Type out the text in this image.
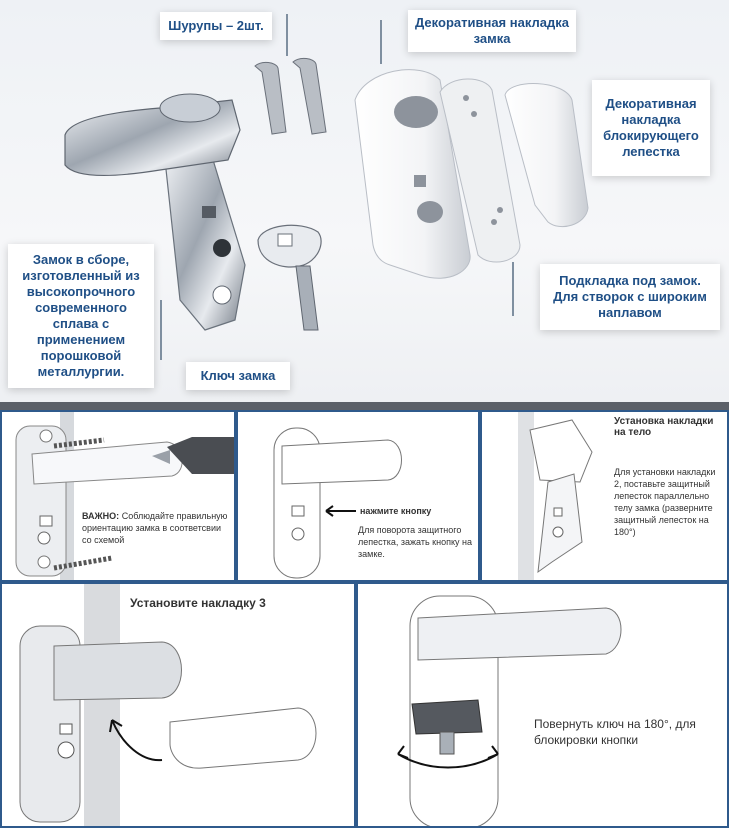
Шурупы – 2шт.	Декоративная накладка замка
Декоративная накладка блокирующего лепестка
Замок в сборе, изготовленный из высокопрочного современного сплава с применением порошковой металлургии.	Ключ замка
Подкладка под замок. Для створок с широким наплавом
ВАЖНО: Соблюдайте правильную ориентацию замка в соответсвии со схемой
нажмите кнопку
Для поворота защитного лепестка, зажать кнопку на замке.
Установка накладки на тело
Для установки накладки 2, поставьте защитный лепесток параллельно телу замка (разверните защитный лепесток на 180°)
Установите накладку 3
Повернуть ключ на 180°, для блокировки кнопки
